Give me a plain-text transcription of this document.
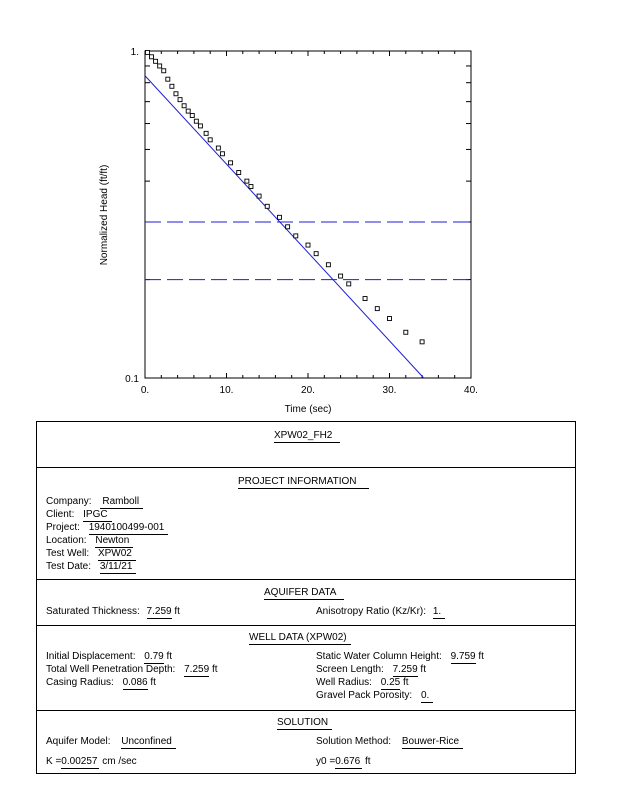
0.	10.	20.	30.	40.
0.1
1.
Time (sec)
Normalized Head (ft/ft)
XPW02_FH2
PROJECT INFORMATION
Company: Ramboll
Client: IPGC
Project: 1940100499-001
Location: Newton
Test Well: XPW02
Test Date: 3/11/21
AQUIFER DATA
Saturated Thickness: 7.259 ft	Anisotropy Ratio (Kz/Kr): 1.
WELL DATA (XPW02)
Initial Displacement: 0.79 ft
Total Well Penetration Depth: 7.259 ft
Casing Radius: 0.086 ft
Static Water Column Height: 9.759 ft
Screen Length: 7.259 ft
Well Radius: 0.25 ft
Gravel Pack Porosity: 0.
SOLUTION
Aquifer Model: Unconfined	Solution Method: Bouwer-Rice
K =0.00257 cm /sec	y0 =0.676 ft
